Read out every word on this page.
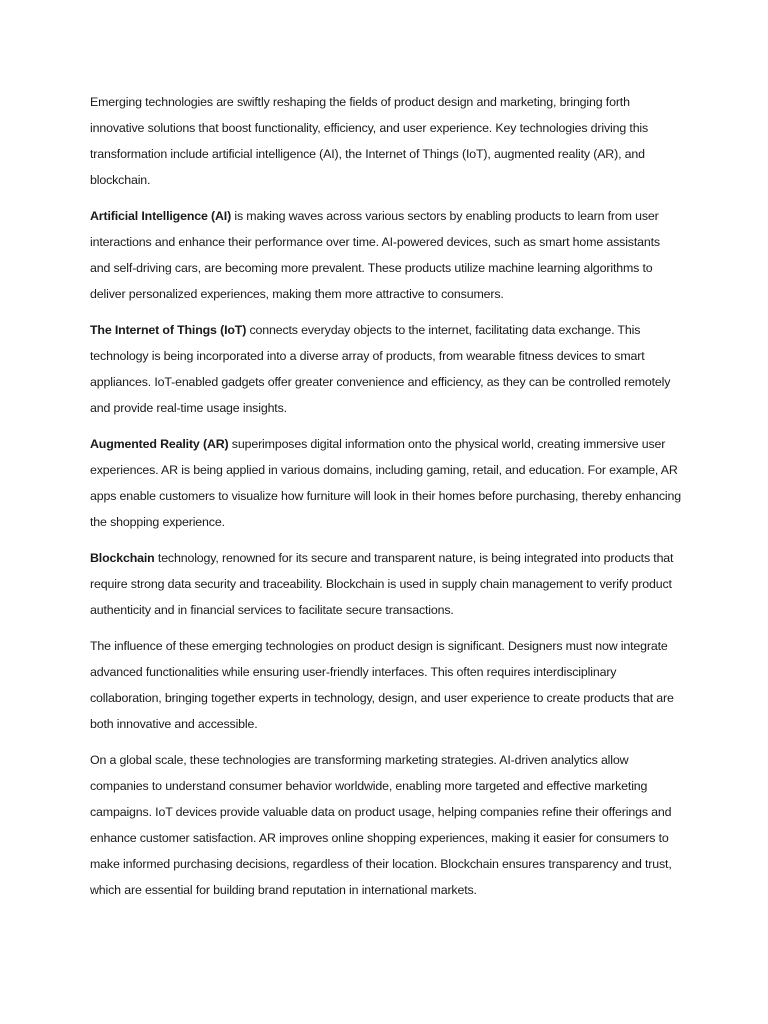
Emerging technologies are swiftly reshaping the fields of product design and marketing, bringing forth innovative solutions that boost functionality, efficiency, and user experience. Key technologies driving this transformation include artificial intelligence (AI), the Internet of Things (IoT), augmented reality (AR), and blockchain.

Artificial Intelligence (AI) is making waves across various sectors by enabling products to learn from user interactions and enhance their performance over time. AI-powered devices, such as smart home assistants and self-driving cars, are becoming more prevalent. These products utilize machine learning algorithms to deliver personalized experiences, making them more attractive to consumers.

The Internet of Things (IoT) connects everyday objects to the internet, facilitating data exchange. This technology is being incorporated into a diverse array of products, from wearable fitness devices to smart appliances. IoT-enabled gadgets offer greater convenience and efficiency, as they can be controlled remotely and provide real-time usage insights.

Augmented Reality (AR) superimposes digital information onto the physical world, creating immersive user experiences. AR is being applied in various domains, including gaming, retail, and education. For example, AR apps enable customers to visualize how furniture will look in their homes before purchasing, thereby enhancing the shopping experience.

Blockchain technology, renowned for its secure and transparent nature, is being integrated into products that require strong data security and traceability. Blockchain is used in supply chain management to verify product authenticity and in financial services to facilitate secure transactions.

The influence of these emerging technologies on product design is significant. Designers must now integrate advanced functionalities while ensuring user-friendly interfaces. This often requires interdisciplinary collaboration, bringing together experts in technology, design, and user experience to create products that are both innovative and accessible.

On a global scale, these technologies are transforming marketing strategies. AI-driven analytics allow companies to understand consumer behavior worldwide, enabling more targeted and effective marketing campaigns. IoT devices provide valuable data on product usage, helping companies refine their offerings and enhance customer satisfaction. AR improves online shopping experiences, making it easier for consumers to make informed purchasing decisions, regardless of their location. Blockchain ensures transparency and trust, which are essential for building brand reputation in international markets.
